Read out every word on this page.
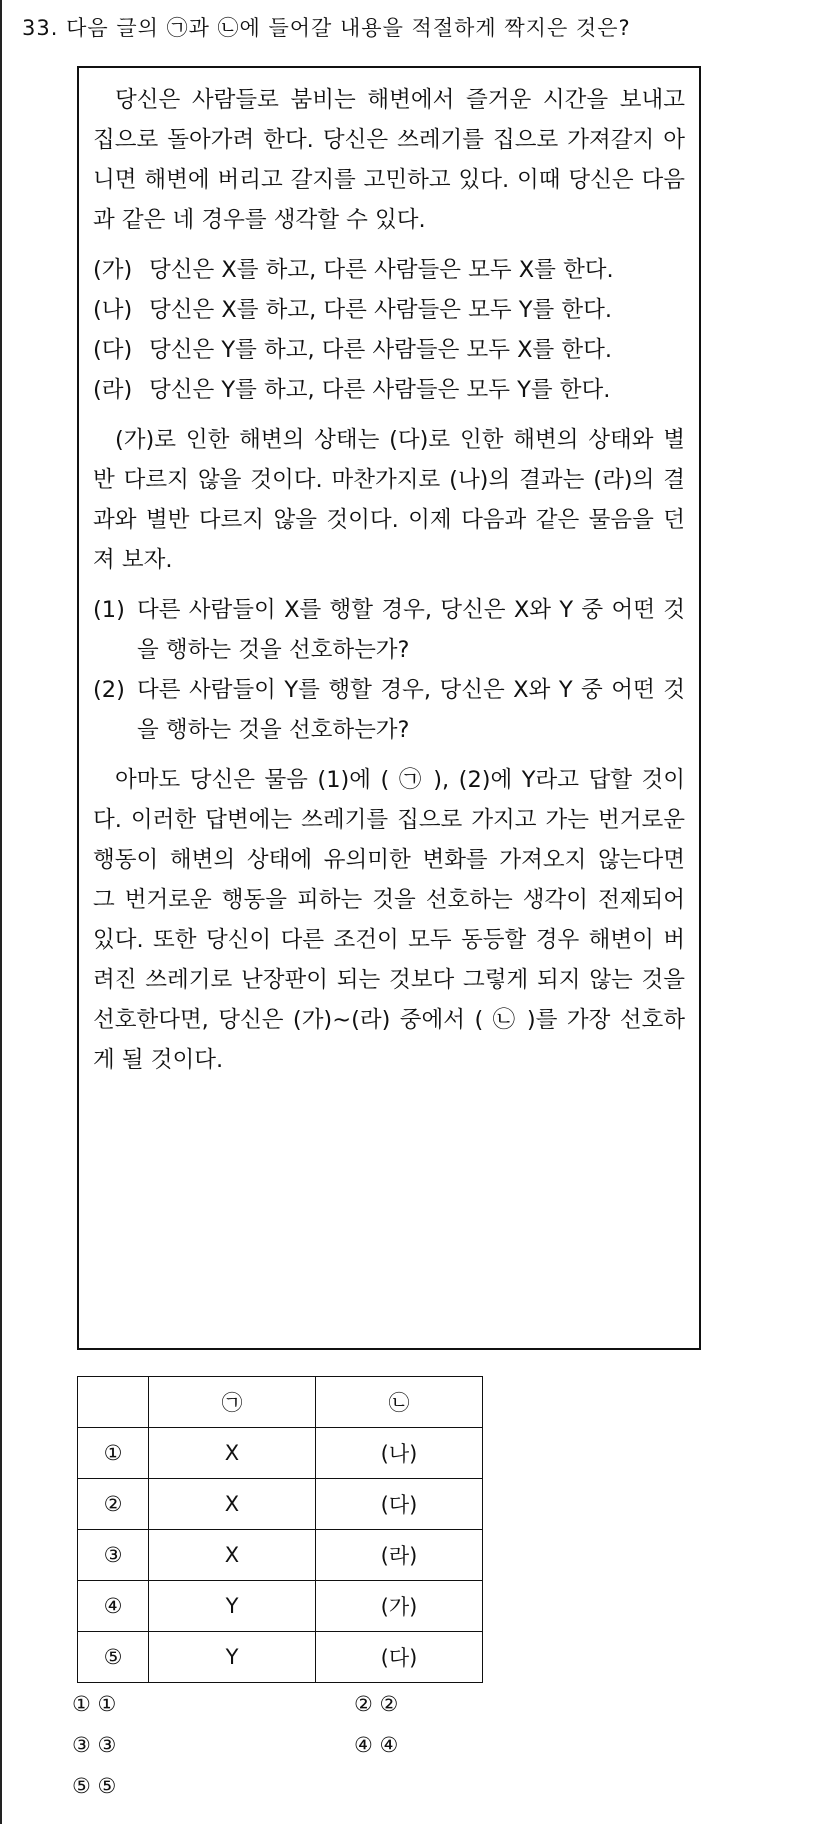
33. 다음 글의 ㉠과 ㉡에 들어갈 내용을 적절하게 짝지은 것은?

당신은 사람들로 붐비는 해변에서 즐거운 시간을 보내고 집으로 돌아가려 한다. 당신은 쓰레기를 집으로 가져갈지 아니면 해변에 버리고 갈지를 고민하고 있다. 이때 당신은 다음과 같은 네 경우를 생각할 수 있다.

(가) 당신은 X를 하고, 다른 사람들은 모두 X를 한다.
(나) 당신은 X를 하고, 다른 사람들은 모두 Y를 한다.
(다) 당신은 Y를 하고, 다른 사람들은 모두 X를 한다.
(라) 당신은 Y를 하고, 다른 사람들은 모두 Y를 한다.

(가)로 인한 해변의 상태는 (다)로 인한 해변의 상태와 별반 다르지 않을 것이다. 마찬가지로 (나)의 결과는 (라)의 결과와 별반 다르지 않을 것이다. 이제 다음과 같은 물음을 던져 보자.

(1) 다른 사람들이 X를 행할 경우, 당신은 X와 Y 중 어떤 것을 행하는 것을 선호하는가?
(2) 다른 사람들이 Y를 행할 경우, 당신은 X와 Y 중 어떤 것을 행하는 것을 선호하는가?

아마도 당신은 물음 (1)에 ( ㉠ ), (2)에 Y라고 답할 것이다. 이러한 답변에는 쓰레기를 집으로 가지고 가는 번거로운 행동이 해변의 상태에 유의미한 변화를 가져오지 않는다면 그 번거로운 행동을 피하는 것을 선호하는 생각이 전제되어 있다. 또한 당신이 다른 조건이 모두 동등할 경우 해변이 버려진 쓰레기로 난장판이 되는 것보다 그렇게 되지 않는 것을 선호한다면, 당신은 (가)~(라) 중에서 ( ㉡ )를 가장 선호하게 될 것이다.

	㉠	㉡
①	X	(나)
②	X	(다)
③	X	(라)
④	Y	(가)
⑤	Y	(다)
① ①	② ②
③ ③	④ ④
⑤ ⑤
